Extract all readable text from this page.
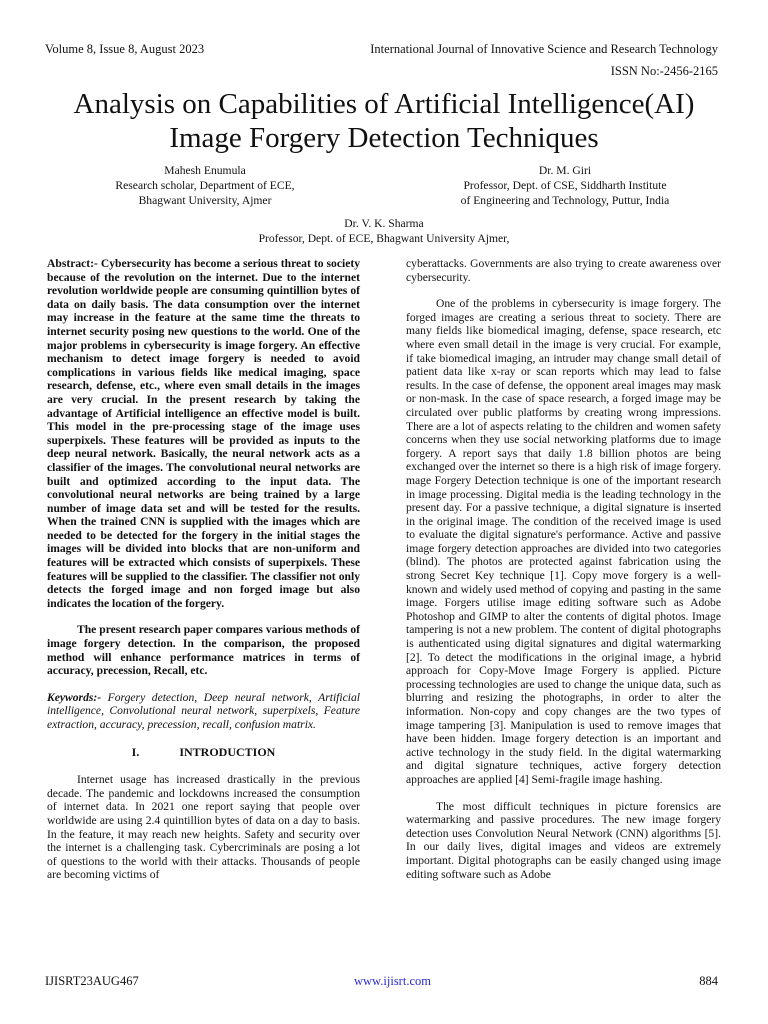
Volume 8, Issue 8, August 2023	International Journal of Innovative Science and Research Technology
ISSN No:-2456-2165
Analysis on Capabilities of Artificial Intelligence(AI)
Image Forgery Detection Techniques
Mahesh Enumula
Research scholar, Department of ECE,
Bhagwant University, Ajmer
Dr. M. Giri
Professor, Dept. of CSE, Siddharth Institute
of Engineering and Technology, Puttur, India
Dr. V. K. Sharma
Professor, Dept. of ECE, Bhagwant University Ajmer,

Abstract:- Cybersecurity has become a serious threat to society because of the revolution on the internet. Due to the internet revolution worldwide people are consuming quintillion bytes of data on daily basis. The data consumption over the internet may increase in the feature at the same time the threats to internet security posing new questions to the world. One of the major problems in cybersecurity is image forgery. An effective mechanism to detect image forgery is needed to avoid complications in various fields like medical imaging, space research, defense, etc., where even small details in the images are very crucial. In the present research by taking the advantage of Artificial intelligence an effective model is built. This model in the pre-processing stage of the image uses superpixels. These features will be provided as inputs to the deep neural network. Basically, the neural network acts as a classifier of the images. The convolutional neural networks are built and optimized according to the input data. The convolutional neural networks are being trained by a large number of image data set and will be tested for the results. When the trained CNN is supplied with the images which are needed to be detected for the forgery in the initial stages the images will be divided into blocks that are non-uniform and features will be extracted which consists of superpixels. These features will be supplied to the classifier. The classifier not only detects the forged image and non forged image but also indicates the location of the forgery.

The present research paper compares various methods of image forgery detection. In the comparison, the proposed method will enhance performance matrices in terms of accuracy, precession, Recall, etc.

Keywords:- Forgery detection, Deep neural network, Artificial intelligence, Convolutional neural network, superpixels, Feature extraction, accuracy, precession, recall, confusion matrix.

I.	INTRODUCTION

Internet usage has increased drastically in the previous decade. The pandemic and lockdowns increased the consumption of internet data. In 2021 one report saying that people over worldwide are using 2.4 quintillion bytes of data on a day to basis. In the feature, it may reach new heights. Safety and security over the internet is a challenging task. Cybercriminals are posing a lot of questions to the world with their attacks. Thousands of people are becoming victims of

cyberattacks. Governments are also trying to create awareness over cybersecurity.

One of the problems in cybersecurity is image forgery. The forged images are creating a serious threat to society. There are many fields like biomedical imaging, defense, space research, etc where even small detail in the image is very crucial. For example, if take biomedical imaging, an intruder may change small detail of patient data like x-ray or scan reports which may lead to false results. In the case of defense, the opponent areal images may mask or non-mask. In the case of space research, a forged image may be circulated over public platforms by creating wrong impressions. There are a lot of aspects relating to the children and women safety concerns when they use social networking platforms due to image forgery. A report says that daily 1.8 billion photos are being exchanged over the internet so there is a high risk of image forgery. mage Forgery Detection technique is one of the important research in image processing. Digital media is the leading technology in the present day. For a passive technique, a digital signature is inserted in the original image. The condition of the received image is used to evaluate the digital signature's performance. Active and passive image forgery detection approaches are divided into two categories (blind). The photos are protected against fabrication using the strong Secret Key technique [1]. Copy move forgery is a well-known and widely used method of copying and pasting in the same image. Forgers utilise image editing software such as Adobe Photoshop and GIMP to alter the contents of digital photos. Image tampering is not a new problem. The content of digital photographs is authenticated using digital signatures and digital watermarking [2]. To detect the modifications in the original image, a hybrid approach for Copy-Move Image Forgery is applied. Picture processing technologies are used to change the unique data, such as blurring and resizing the photographs, in order to alter the information. Non-copy and copy changes are the two types of image tampering [3]. Manipulation is used to remove images that have been hidden. Image forgery detection is an important and active technology in the study field. In the digital watermarking and digital signature techniques, active forgery detection approaches are applied [4] Semi-fragile image hashing.

The most difficult techniques in picture forensics are watermarking and passive procedures. The new image forgery detection uses Convolution Neural Network (CNN) algorithms [5]. In our daily lives, digital images and videos are extremely important. Digital photographs can be easily changed using image editing software such as Adobe

IJISRT23AUG467	www.ijisrt.com	884
